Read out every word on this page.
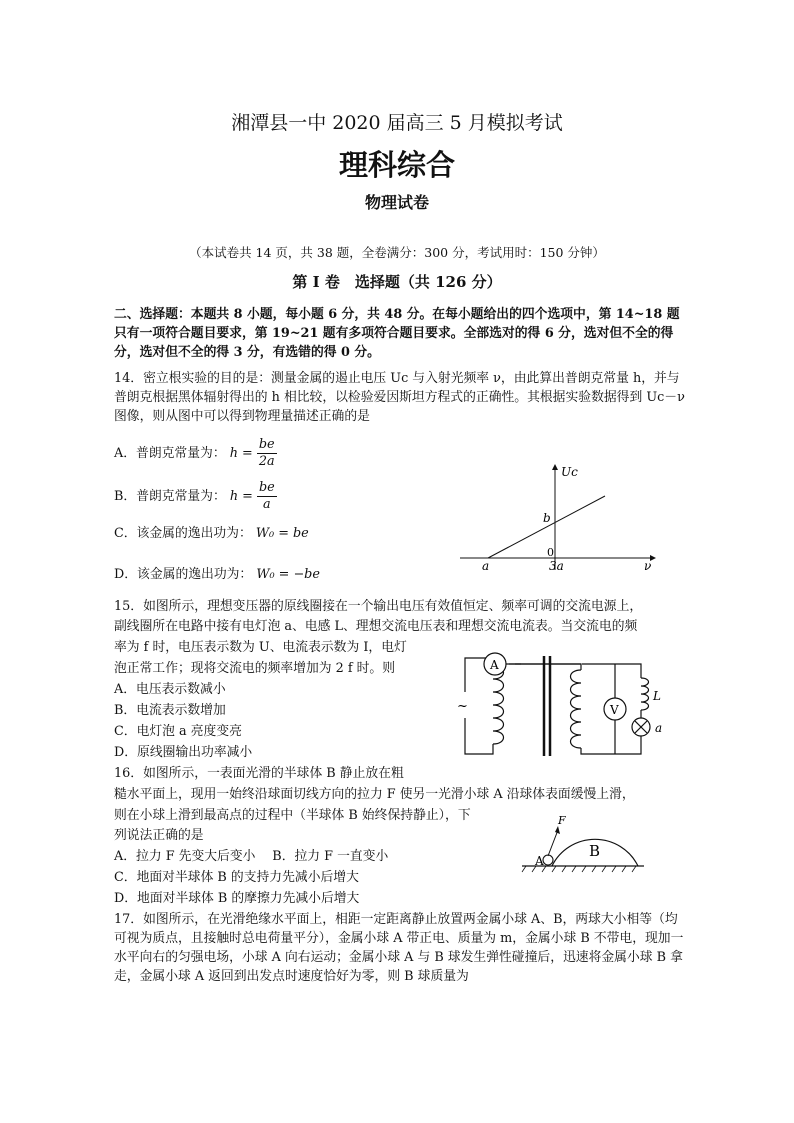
湘潭县一中 2020 届高三 5 月模拟考试
理科综合
物理试卷
（本试卷共 14 页，共 38 题，全卷满分：300 分，考试用时：150 分钟）
第 Ⅰ 卷　选择题（共 126 分）
二、选择题：本题共 8 小题，每小题 6 分，共 48 分。在每小题给出的四个选项中，第 14~18 题只有一项符合题目要求，第 19~21 题有多项符合题目要求。全部选对的得 6 分，选对但不全的得分，选对但不全的得 3 分，有选错的得 0 分。
14．密立根实验的目的是：测量金属的遏止电压 Uc 与入射光频率 ν，由此算出普朗克常量 h，并与普朗克根据黑体辐射得出的 h 相比较，以检验爱因斯坦方程式的正确性。其根据实验数据得到 Uc－ν 图像，则从图中可以得到物理量描述正确的是
A．普朗克常量为： $h = \frac{be}{2a}$
B．普朗克常量为： $h = \frac{be}{a}$
C．该金属的逸出功为： W₀ = be
D．该金属的逸出功为： W₀ = −be
Uc
ν
b
0
a	3a
15．如图所示，理想变压器的原线圈接在一个输出电压有效值恒定、频率可调的交流电源上，
副线圈所在电路中接有电灯泡 a、电感 L、理想交流电压表和理想交流电流表。当交流电的频
率为 f 时，电压表示数为 U、电流表示数为 I，电灯
泡正常工作；现将交流电的频率增加为 2 f 时。则
A．电压表示数减小
B．电流表示数增加
C．电灯泡 a 亮度变亮
D．原线圈输出功率减小
A
V
~
L
a
16．如图所示，一表面光滑的半球体 B 静止放在粗
糙水平面上，现用一始终沿球面切线方向的拉力 F 使另一光滑小球 A 沿球体表面缓慢上滑，
则在小球上滑到最高点的过程中（半球体 B 始终保持静止），下
列说法正确的是
A．拉力 F 先变大后变小　 B．拉力 F 一直变小
C．地面对半球体 B 的支持力先减小后增大
D．地面对半球体 B 的摩擦力先减小后增大
F
A
B
17．如图所示，在光滑绝缘水平面上，相距一定距离静止放置两金属小球 A、B，两球大小相等（均可视为质点，且接触时总电荷量平分），金属小球 A 带正电、质量为 m，金属小球 B 不带电，现加一水平向右的匀强电场，小球 A 向右运动；金属小球 A 与 B 球发生弹性碰撞后，迅速将金属小球 B 拿走，金属小球 A 返回到出发点时速度恰好为零，则 B 球质量为
